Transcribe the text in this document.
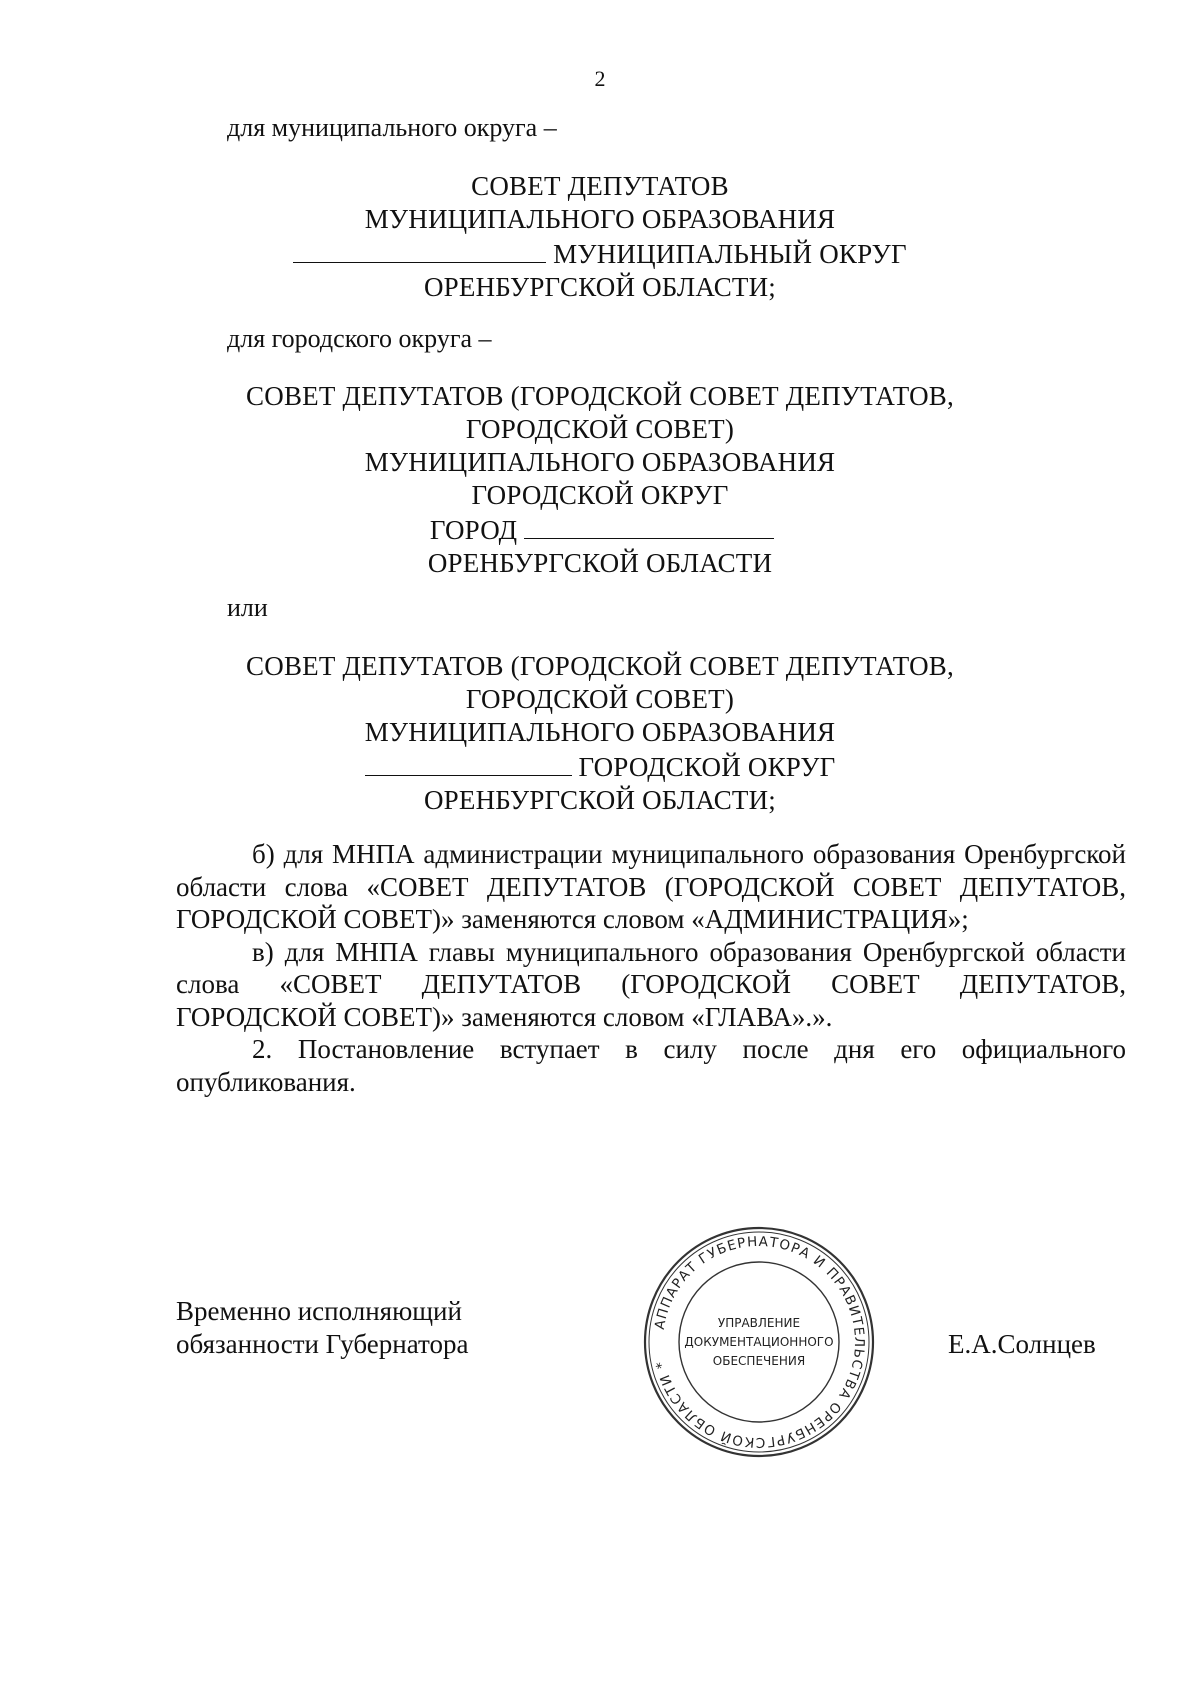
2
для муниципального округа –
СОВЕТ ДЕПУТАТОВ
МУНИЦИПАЛЬНОГО ОБРАЗОВАНИЯ
МУНИЦИПАЛЬНЫЙ ОКРУГ
ОРЕНБУРГСКОЙ ОБЛАСТИ;
для городского округа –
СОВЕТ ДЕПУТАТОВ (ГОРОДСКОЙ СОВЕТ ДЕПУТАТОВ,
ГОРОДСКОЙ СОВЕТ)
МУНИЦИПАЛЬНОГО ОБРАЗОВАНИЯ
ГОРОДСКОЙ ОКРУГ
ГОРОД
ОРЕНБУРГСКОЙ ОБЛАСТИ
или
СОВЕТ ДЕПУТАТОВ (ГОРОДСКОЙ СОВЕТ ДЕПУТАТОВ,
ГОРОДСКОЙ СОВЕТ)
МУНИЦИПАЛЬНОГО ОБРАЗОВАНИЯ
ГОРОДСКОЙ ОКРУГ
ОРЕНБУРГСКОЙ ОБЛАСТИ;

б) для МНПА администрации муниципального образования Оренбургской области слова «СОВЕТ ДЕПУТАТОВ (ГОРОДСКОЙ СОВЕТ ДЕПУТАТОВ, ГОРОДСКОЙ СОВЕТ)» заменяются словом «АДМИНИСТРАЦИЯ»;

в) для МНПА главы муниципального образования Оренбургской области слова «СОВЕТ ДЕПУТАТОВ (ГОРОДСКОЙ СОВЕТ ДЕПУТАТОВ, ГОРОДСКОЙ СОВЕТ)» заменяются словом «ГЛАВА».».

2. Постановление вступает в силу после дня его официального опубликования.

Временно исполняющий
обязанности Губернатора
АППАРАТ ГУБЕРНАТОРА И ПРАВИТЕЛЬСТВА ОРЕНБУРГСКОЙ ОБЛАСТИ *
УПРАВЛЕНИЕ
ДОКУМЕНТАЦИОННОГО
ОБЕСПЕЧЕНИЯ
Е.А.Солнцев
